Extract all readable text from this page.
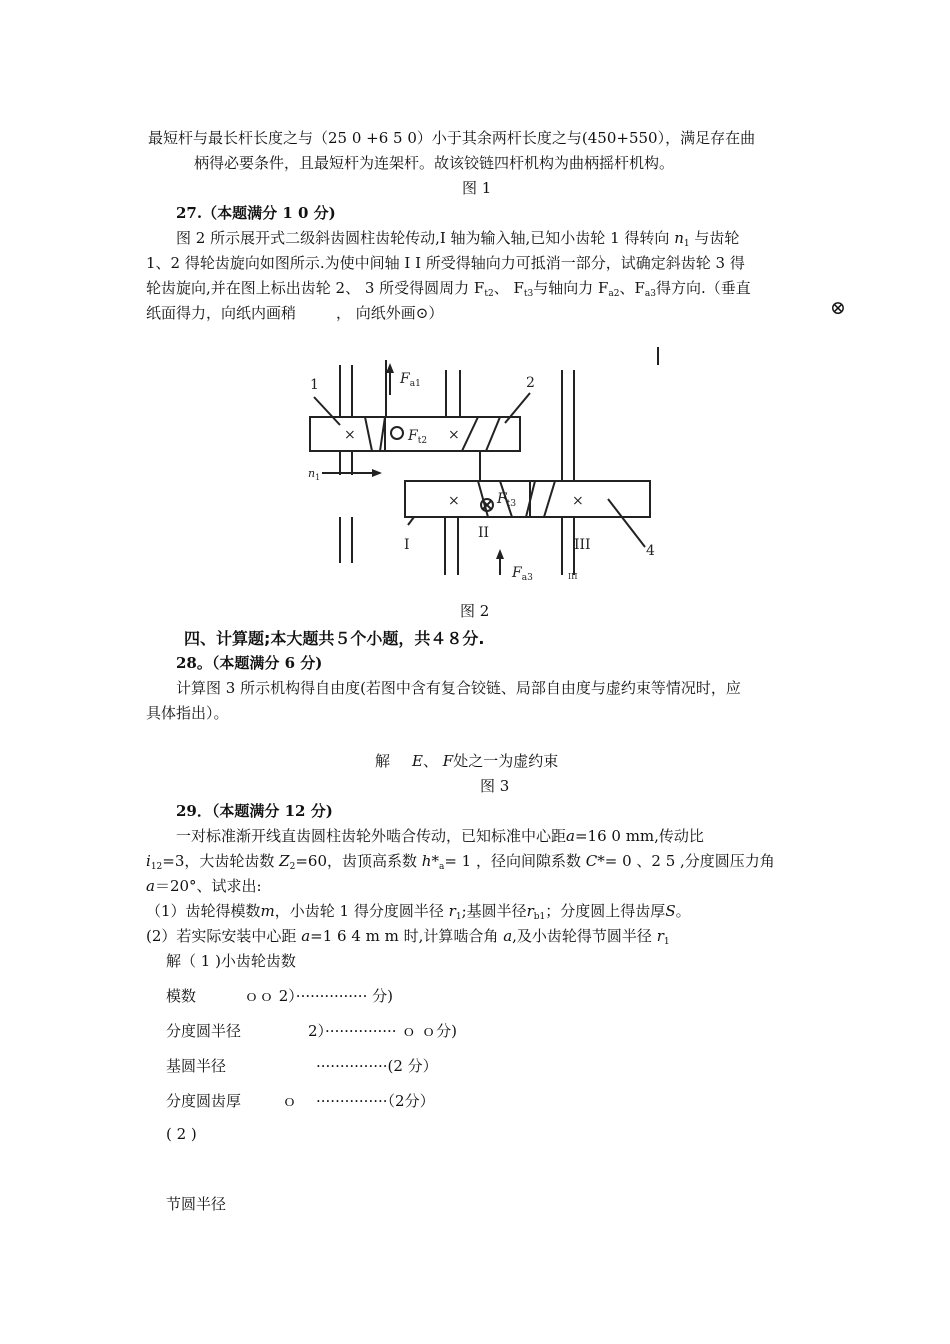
最短杆与最长杆长度之与（25 0 +6 5 0）小于其余两杆长度之与(450+550），满足存在曲
柄得必要条件，且最短杆为连架杆。故该铰链四杆机构为曲柄摇杆机构。
图 1
27.（本题满分 1 0 分)
图 2 所示展开式二级斜齿圆柱齿轮传动,I 轴为输入轴,已知小齿轮 1 得转向 $n_1$ 与齿轮
1、2 得轮齿旋向如图所示.为使中间轴 I I 所受得轴向力可抵消一部分，试确定斜齿轮 3 得
轮齿旋向,并在图上标出齿轮 2、 3 所受得圆周力 $F_{t2}$、 $F_{t3}$与轴向力 $F_{a2}$、$F_{a3}$得方向.（垂直
纸面得力，向纸内画稍	， 向纸外画⊙）	⊗
1	2
$F_{a1}$
$F_{t2}$
$F_{t3}$
$F_{a3}$
$n_1$
4
I
II
III
III
×	×
×	×
图 2
四、计算题;本大题共５个小题，共４８分.
28。（本题满分 6 分)
计算图 3 所示机构得自由度(若图中含有复合铰链、局部自由度与虚约束等情况时，应
具体指出）。
解 E、 F处之一为虚约束
图 3
29．（本题满分 12 分)
一对标准渐开线直齿圆柱齿轮外啮合传动，已知标准中心距a=16 0 mm,传动比
$i_{12}=3$，大齿轮齿数 $Z_2=60$，齿顶高系数 $h*_a= 1$ ，径向间隙系数 C*= 0 、2 5 ,分度圆压力角
a＝20°、试求出:
（1）齿轮得模数m，小齿轮 1 得分度圆半径 $r_1$;基圆半径$r_{b1}$；分度圆上得齿厚S。
(2）若实际安装中心距 a=1 6 4 m m 时,计算啮合角 a,及小齿轮得节圆半径 $r_1$
解（ 1 )小齿轮齿数
模数	ｏｏ 2）··············· 分)
分度圆半径	2）··············· ｏ ｏ分)
基圆半径	···············(2 分）
分度圆齿厚	ｏ ···············（2分）
( 2 )
节圆半径
